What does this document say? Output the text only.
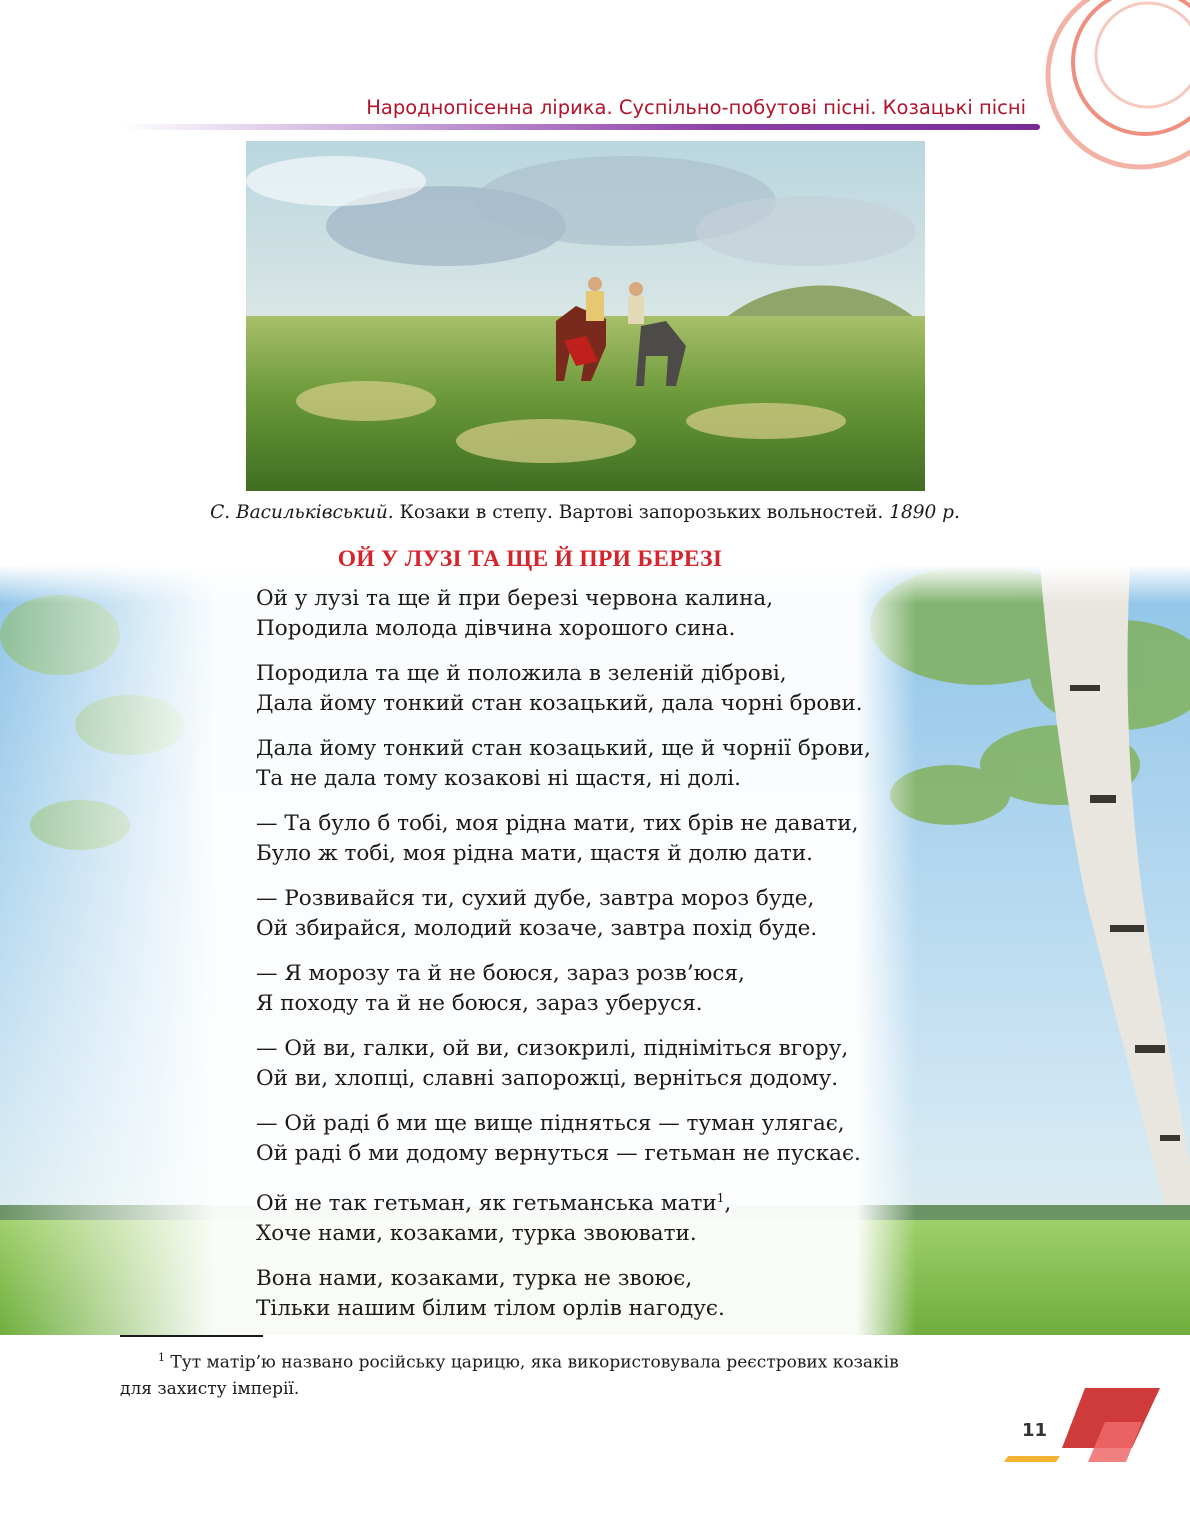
Народнопісенна лірика. Суспільно-побутові пісні. Козацькі пісні
С. Васильківський. Козаки в степу. Вартові запорозьких вольностей. 1890 р.
ОЙ У ЛУЗІ ТА ЩЕ Й ПРИ БЕРЕЗІ
Ой у лузі та ще й при березі червона калина,
Породила молода дівчина хорошого сина.
Породила та ще й положила в зеленій діброві,
Дала йому тонкий стан козацький, дала чорні брови.
Дала йому тонкий стан козацький, ще й чорнії брови,
Та не дала тому козакові ні щастя, ні долі.
— Та було б тобі, моя рідна мати, тих брів не давати,
Було ж тобі, моя рідна мати, щастя й долю дати.
— Розвивайся ти, сухий дубе, завтра мороз буде,
Ой збирайся, молодий козаче, завтра похід буде.
— Я морозу та й не боюся, зараз розв’юся,
Я походу та й не боюся, зараз уберуся.
— Ой ви, галки, ой ви, сизокрилі, підніміться вгору,
Ой ви, хлопці, славні запорожці, верніться додому.
— Ой раді б ми ще вище підняться — туман улягає,
Ой раді б ми додому вернуться — гетьман не пускає.
Ой не так гетьман, як гетьманська мати$^1$,
Хоче нами, козаками, турка звоювати.
Вона нами, козаками, турка не звоює,
Тільки нашим білим тілом орлів нагодує.
$^1$ Тут матір’ю названо російську царицю, яка використовувала реєстрових козаків
для захисту імперії.
11
